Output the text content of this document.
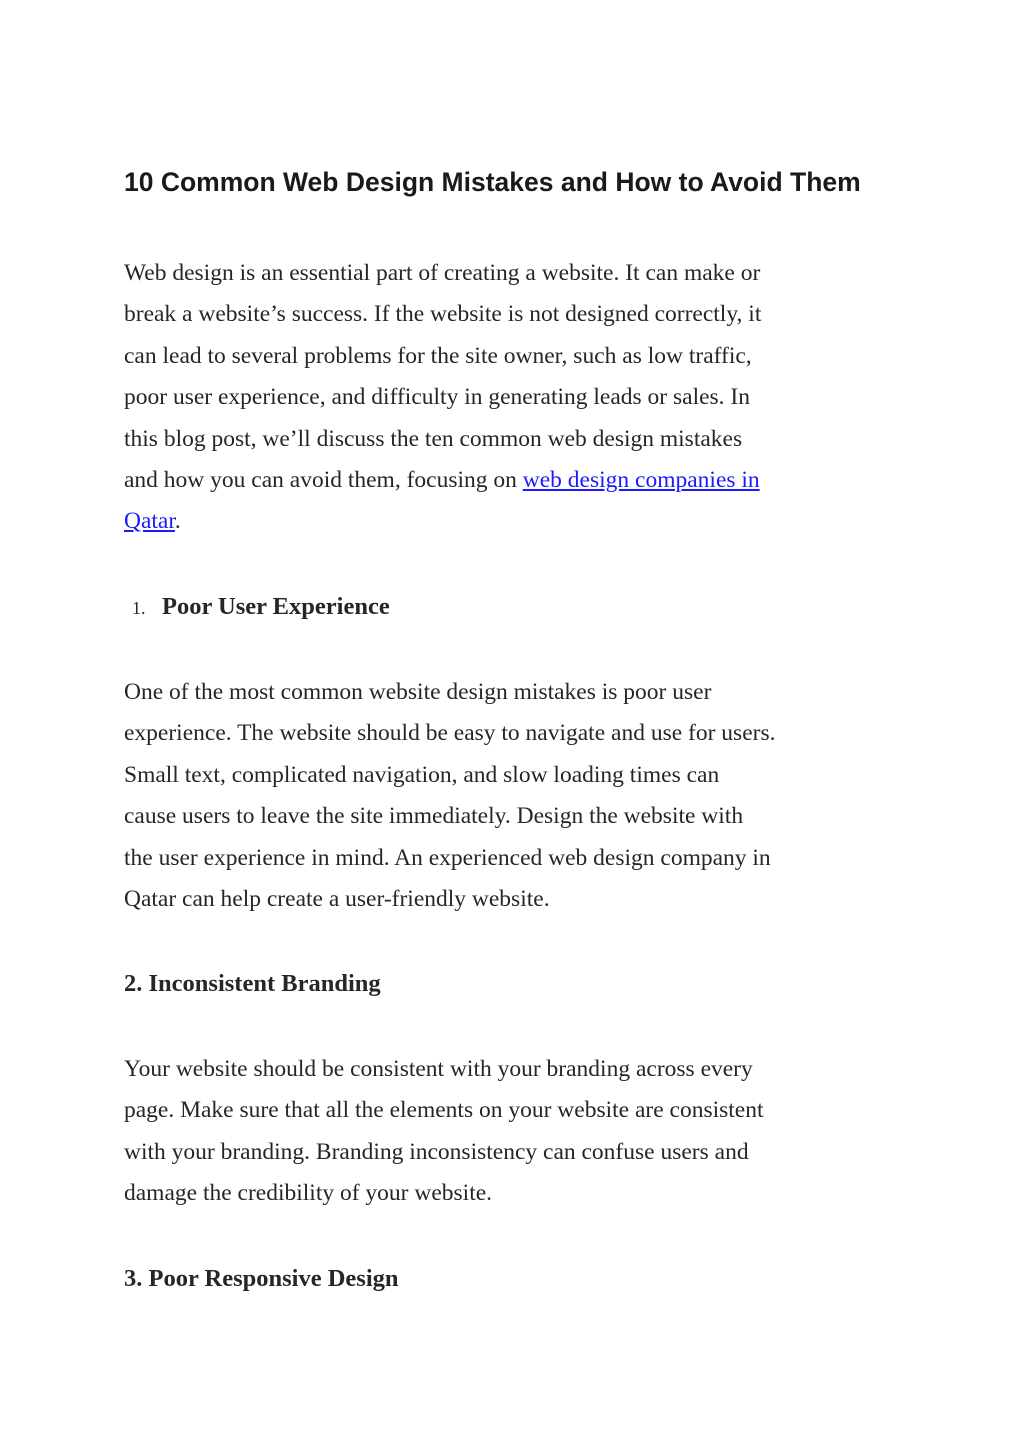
10 Common Web Design Mistakes and How to Avoid Them

Web design is an essential part of creating a website. It can make or
break a website’s success. If the website is not designed correctly, it
can lead to several problems for the site owner, such as low traffic,
poor user experience, and difficulty in generating leads or sales. In
this blog post, we’ll discuss the ten common web design mistakes
and how you can avoid them, focusing on web design companies in
Qatar.

1. Poor User Experience

One of the most common website design mistakes is poor user
experience. The website should be easy to navigate and use for users.
Small text, complicated navigation, and slow loading times can
cause users to leave the site immediately. Design the website with
the user experience in mind. An experienced web design company in
Qatar can help create a user-friendly website.

2. Inconsistent Branding

Your website should be consistent with your branding across every
page. Make sure that all the elements on your website are consistent
with your branding. Branding inconsistency can confuse users and
damage the credibility of your website.

3. Poor Responsive Design
